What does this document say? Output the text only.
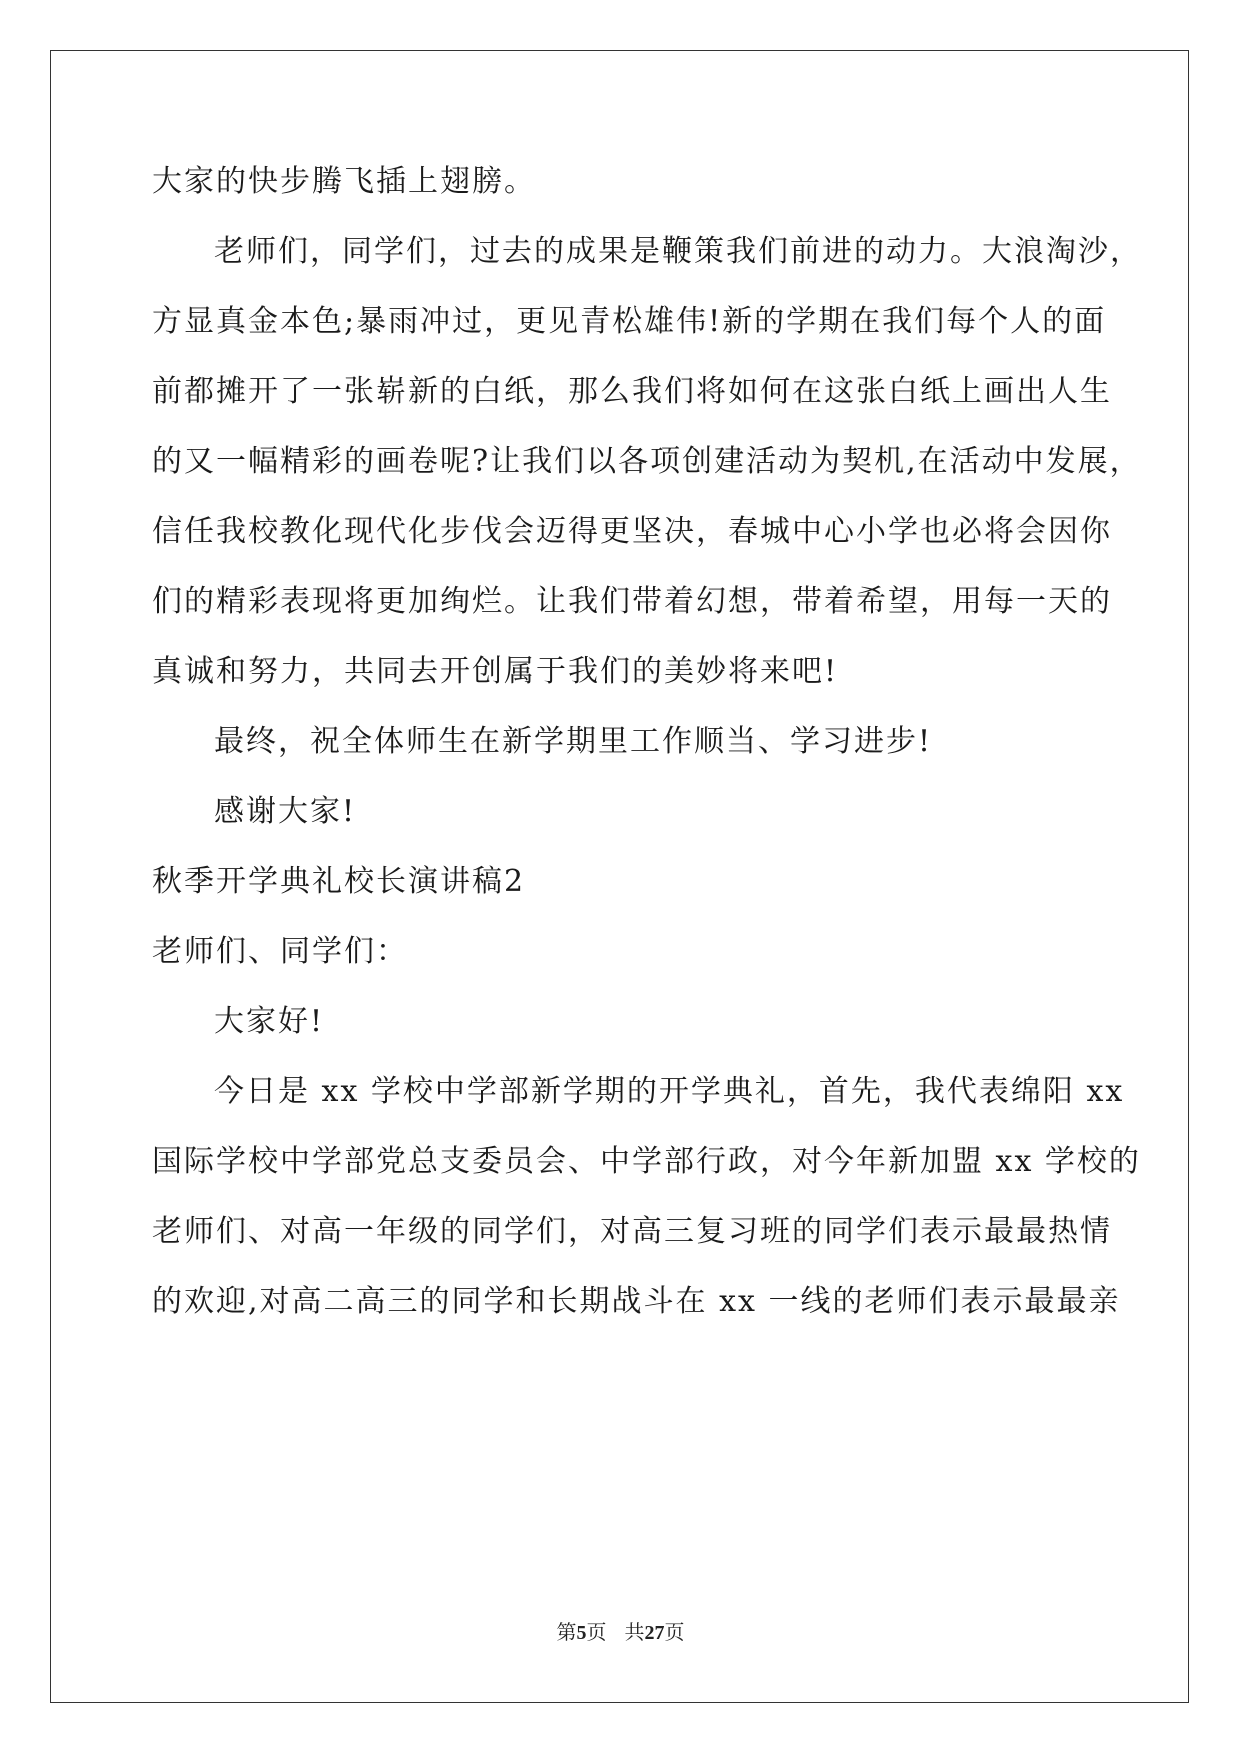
大家的快步腾飞插上翅膀。
老师们，同学们，过去的成果是鞭策我们前进的动力。大浪淘沙，
方显真金本色;暴雨冲过，更见青松雄伟!新的学期在我们每个人的面
前都摊开了一张崭新的白纸，那么我们将如何在这张白纸上画出人生
的又一幅精彩的画卷呢?让我们以各项创建活动为契机,在活动中发展，
信任我校教化现代化步伐会迈得更坚决，春城中心小学也必将会因你
们的精彩表现将更加绚烂。让我们带着幻想，带着希望，用每一天的
真诚和努力，共同去开创属于我们的美妙将来吧!
最终，祝全体师生在新学期里工作顺当、学习进步!
感谢大家!
秋季开学典礼校长演讲稿2
老师们、同学们：
大家好!
今日是 xx 学校中学部新学期的开学典礼，首先，我代表绵阳 xx
国际学校中学部党总支委员会、中学部行政，对今年新加盟 xx 学校的
老师们、对高一年级的同学们，对高三复习班的同学们表示最最热情
的欢迎,对高二高三的同学和长期战斗在 xx 一线的老师们表示最最亲
第5页 共27页
